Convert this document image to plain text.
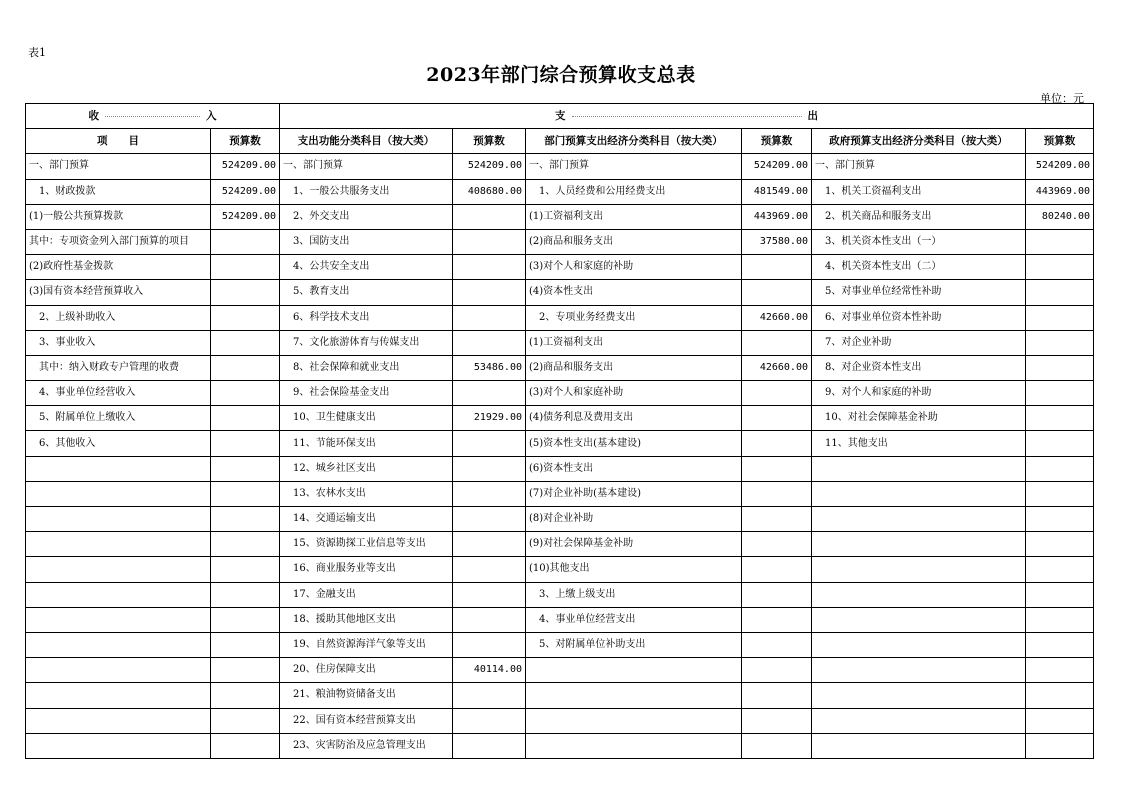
表1
2023年部门综合预算收支总表
单位：元
收 入		支 出					
项　　目	预算数	支出功能分类科目（按大类）	预算数	部门预算支出经济分类科目（按大类）	预算数	政府预算支出经济分类科目（按大类）	预算数
一、部门预算	524209.00	一、部门预算	524209.00	一、部门预算	524209.00	一、部门预算	524209.00
　1、财政拨款	524209.00	　1、一般公共服务支出	408680.00	　1、人员经费和公用经费支出	481549.00	　1、机关工资福利支出	443969.00
(1)一般公共预算拨款	524209.00	　2、外交支出		(1)工资福利支出	443969.00	　2、机关商品和服务支出	80240.00
其中：专项资金列入部门预算的项目		　3、国防支出		(2)商品和服务支出	37580.00	　3、机关资本性支出（一）	
(2)政府性基金拨款		　4、公共安全支出		(3)对个人和家庭的补助		　4、机关资本性支出（二）	
(3)国有资本经营预算收入		　5、教育支出		(4)资本性支出		　5、对事业单位经常性补助	
　2、上级补助收入		　6、科学技术支出		　2、专项业务经费支出	42660.00	　6、对事业单位资本性补助	
　3、事业收入		　7、文化旅游体育与传媒支出		(1)工资福利支出		　7、对企业补助	
　其中：纳入财政专户管理的收费		　8、社会保障和就业支出	53486.00	(2)商品和服务支出	42660.00	　8、对企业资本性支出	
　4、事业单位经营收入		　9、社会保险基金支出		(3)对个人和家庭补助		　9、对个人和家庭的补助	
　5、附属单位上缴收入		　10、卫生健康支出	21929.00	(4)债务利息及费用支出		　10、对社会保障基金补助	
　6、其他收入		　11、节能环保支出		(5)资本性支出(基本建设)		　11、其他支出	
		　12、城乡社区支出		(6)资本性支出			
		　13、农林水支出		(7)对企业补助(基本建设)			
		　14、交通运输支出		(8)对企业补助			
		　15、资源勘探工业信息等支出		(9)对社会保障基金补助			
		　16、商业服务业等支出		(10)其他支出			
		　17、金融支出		　3、上缴上级支出			
		　18、援助其他地区支出		　4、事业单位经营支出			
		　19、自然资源海洋气象等支出		　5、对附属单位补助支出			
		　20、住房保障支出	40114.00				
		　21、粮油物资储备支出					
		　22、国有资本经营预算支出					
		　23、灾害防治及应急管理支出					
